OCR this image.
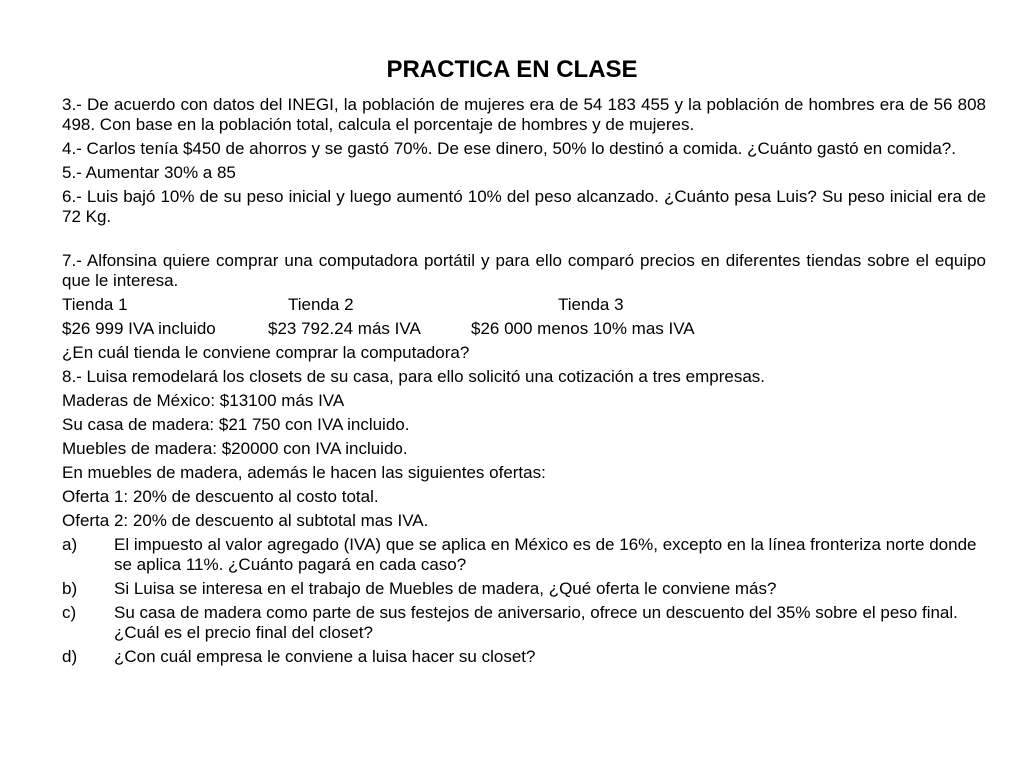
PRACTICA EN CLASE

3.- De acuerdo con datos del INEGI, la población de mujeres era de 54 183 455 y la población de hombres era de 56 808 498. Con base en la población total, calcula el porcentaje de hombres y de mujeres.

4.- Carlos tenía $450 de ahorros y se gastó 70%. De ese dinero, 50% lo destinó a comida. ¿Cuánto gastó en comida?.

5.- Aumentar 30% a 85

6.- Luis bajó 10% de su peso inicial y luego aumentó 10% del peso alcanzado. ¿Cuánto pesa Luis? Su peso inicial era de 72 Kg.

7.- Alfonsina quiere comprar una computadora portátil y para ello comparó precios en diferentes tiendas sobre el equipo que le interesa.

Tienda 1	Tienda 2	Tienda 3
$26 999 IVA incluido	$23 792.24 más IVA	$26 000 menos 10% mas IVA

¿En cuál tienda le conviene comprar la computadora?

8.- Luisa remodelará los closets de su casa, para ello solicitó una cotización a tres empresas.

Maderas de México: $13100 más IVA

Su casa de madera: $21 750 con IVA incluido.

Muebles de madera: $20000 con IVA incluido.

En muebles de madera, además le hacen las siguientes ofertas:

Oferta 1: 20% de descuento al costo total.

Oferta 2: 20% de descuento al subtotal mas IVA.

a)	El impuesto al valor agregado (IVA) que se aplica en México es de 16%, excepto en la línea fronteriza norte donde se aplica 11%. ¿Cuánto pagará en cada caso?
b)	Si Luisa se interesa en el trabajo de Muebles de madera, ¿Qué oferta le conviene más?
c)	Su casa de madera como parte de sus festejos de aniversario, ofrece un descuento del 35% sobre el peso final. ¿Cuál es el precio final del closet?
d)	¿Con cuál empresa le conviene a luisa hacer su closet?
